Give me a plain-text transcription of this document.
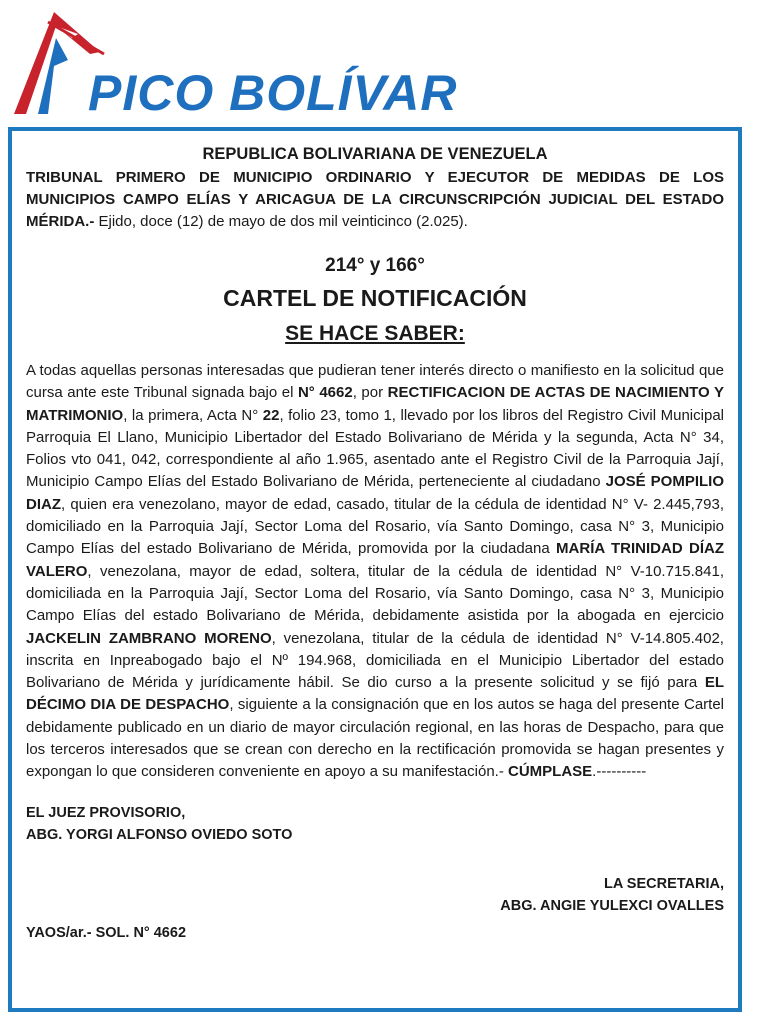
PICO BOLÍVAR
REPUBLICA BOLIVARIANA DE VENEZUELA

TRIBUNAL PRIMERO DE MUNICIPIO ORDINARIO Y EJECUTOR DE MEDIDAS DE LOS MUNICIPIOS CAMPO ELÍAS Y ARICAGUA DE LA CIRCUNSCRIPCIÓN JUDICIAL DEL ESTADO MÉRIDA.- Ejido, doce (12) de mayo de dos mil veinticinco (2.025).

214° y 166°
CARTEL DE NOTIFICACIÓN
SE HACE SABER:

A todas aquellas personas interesadas que pudieran tener interés directo o manifiesto en la solicitud que cursa ante este Tribunal signada bajo el N° 4662, por RECTIFICACION DE ACTAS DE NACIMIENTO Y MATRIMONIO, la primera, Acta N° 22, folio 23, tomo 1, llevado por los libros del Registro Civil Municipal Parroquia El Llano, Municipio Libertador del Estado Bolivariano de Mérida y la segunda, Acta N° 34, Folios vto 041, 042, correspondiente al año 1.965, asentado ante el Registro Civil de la Parroquia Jají, Municipio Campo Elías del Estado Bolivariano de Mérida, perteneciente al ciudadano JOSÉ POMPILIO DIAZ, quien era venezolano, mayor de edad, casado, titular de la cédula de identidad N° V- 2.445,793, domiciliado en la Parroquia Jají, Sector Loma del Rosario, vía Santo Domingo, casa N° 3, Municipio Campo Elías del estado Bolivariano de Mérida, promovida por la ciudadana MARÍA TRINIDAD DÍAZ VALERO, venezolana, mayor de edad, soltera, titular de la cédula de identidad N° V-10.715.841, domiciliada en la Parroquia Jají, Sector Loma del Rosario, vía Santo Domingo, casa N° 3, Municipio Campo Elías del estado Bolivariano de Mérida, debidamente asistida por la abogada en ejercicio JACKELIN ZAMBRANO MORENO, venezolana, titular de la cédula de identidad N° V-14.805.402, inscrita en Inpreabogado bajo el Nº 194.968, domiciliada en el Municipio Libertador del estado Bolivariano de Mérida y jurídicamente hábil. Se dio curso a la presente solicitud y se fijó para EL DÉCIMO DIA DE DESPACHO, siguiente a la consignación que en los autos se haga del presente Cartel debidamente publicado en un diario de mayor circulación regional, en las horas de Despacho, para que los terceros interesados que se crean con derecho en la rectificación promovida se hagan presentes y expongan lo que consideren conveniente en apoyo a su manifestación.- CÚMPLASE.----------

EL JUEZ PROVISORIO,
ABG. YORGI ALFONSO OVIEDO SOTO
LA SECRETARIA,
ABG. ANGIE YULEXCI OVALLES
YAOS/ar.- SOL. N° 4662
